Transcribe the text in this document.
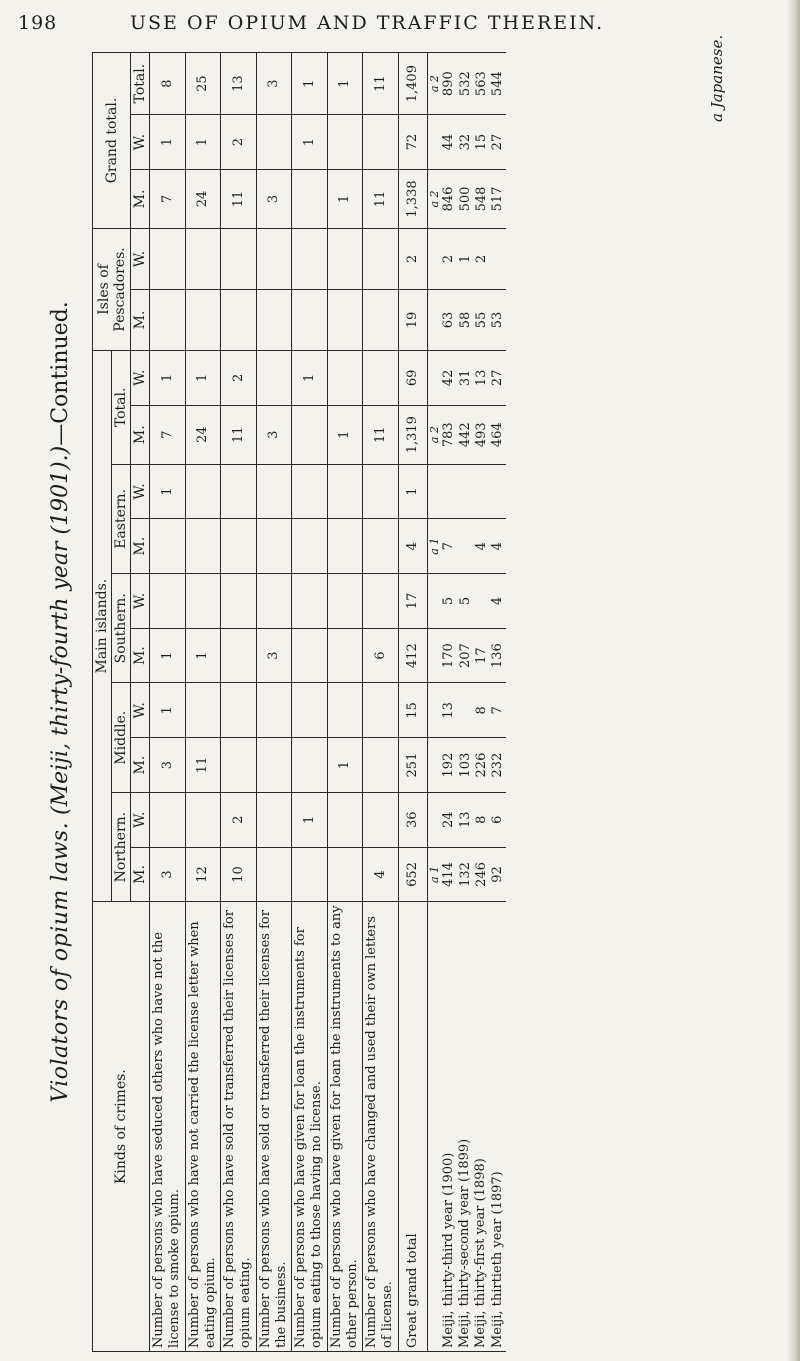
198	USE OF OPIUM AND TRAFFIC THEREIN.
Violators of opium laws. (Meiji, thirty-fourth year (1901).)—Continued.
Kinds of crimes.	Main islands.										Isles of Pescadores.		Grand total.		
	Northern.		Middle.		Southern.		Eastern.		Total.						
	M.	W.	M.	W.	M.	W.	M.	W.	M.	W.	M.	W.	M.	W.	Total.
Number of persons who have seduced others who have not the license to smoke opium.	3		3	1	1			1	7	1			7	1	8
Number of persons who have not carried the license letter when eating opium.	12		11		1				24	1			24	1	25
Number of persons who have sold or transferred their licenses for opium eating.	10	2							11	2			11	2	13
Number of persons who have sold or transferred their licenses for the business.					3				3				3		3
Number of persons who have given for loan the instruments for opium eating to those having no license.		1								1				1	1
Number of persons who have given for loan the instruments to any other person.			1						1				1		1
Number of persons who have changed and used their own letters of license.	4				6				11				11		11
Great grand total	652	36	251	15	412	17	4	1	1,319	69	19	2	1,338	72	1,409
	a 1						a 1		a 2				a 2		a 2
Meiji, thirty-third year (1900)	414	24	192	13	170	5	7		783	42	63	2	846	44	890
Meiji, thirty-second year (1899)	132	13	103		207	5			442	31	58	1	500	32	532
Meiji, thirty-first year (1898)	246	8	226	8	17		4		493	13	55	2	548	15	563
Meiji, thirtieth year (1897)	92	6	232	7	136	4	4		464	27	53		517	27	544	a Japanese.
